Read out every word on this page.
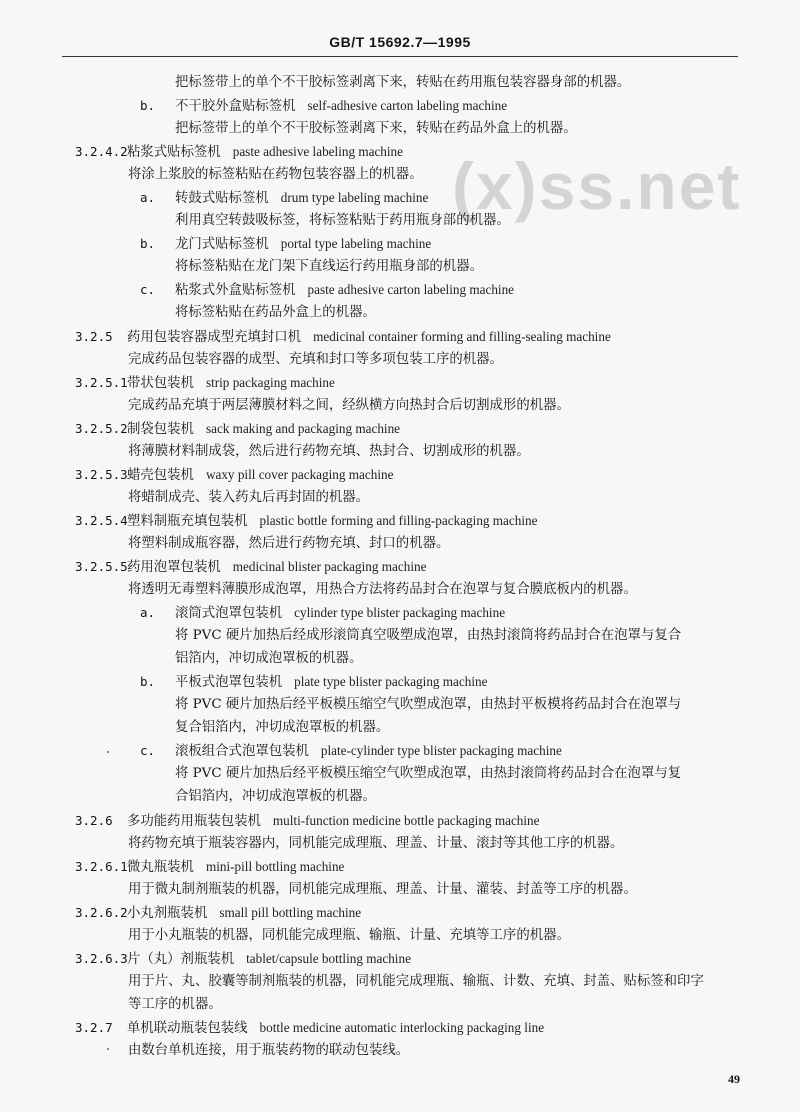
GB/T 15692.7—1995
(x)ss.net
把标签带上的单个不干胶标签剥离下来，转贴在药用瓶包装容器身部的机器。
b. 不干胶外盒贴标签机 self-adhesive carton labeling machine
把标签带上的单个不干胶标签剥离下来，转贴在药品外盒上的机器。
3.2.4.2粘浆式贴标签机 paste adhesive labeling machine
将涂上浆胶的标签粘贴在药物包装容器上的机器。
a. 转鼓式贴标签机 drum type labeling machine
利用真空转鼓吸标签，将标签粘贴于药用瓶身部的机器。
b. 龙门式贴标签机 portal type labeling machine
将标签粘贴在龙门架下直线运行药用瓶身部的机器。
c. 粘浆式外盒贴标签机 paste adhesive carton labeling machine
将标签粘贴在药品外盒上的机器。
3.2.5 药用包装容器成型充填封口机 medicinal container forming and filling-sealing machine
完成药品包装容器的成型、充填和封口等多项包装工序的机器。
3.2.5.1带状包装机 strip packaging machine
完成药品充填于两层薄膜材料之间，经纵横方向热封合后切割成形的机器。
3.2.5.2制袋包装机 sack making and packaging machine
将薄膜材料制成袋，然后进行药物充填、热封合、切割成形的机器。
3.2.5.3蜡壳包装机 waxy pill cover packaging machine
将蜡制成壳、装入药丸后再封固的机器。
3.2.5.4塑料制瓶充填包装机 plastic bottle forming and filling-packaging machine
将塑料制成瓶容器，然后进行药物充填、封口的机器。
3.2.5.5药用泡罩包装机 medicinal blister packaging machine
将透明无毒塑料薄膜形成泡罩，用热合方法将药品封合在泡罩与复合膜底板内的机器。
a. 滚筒式泡罩包装机 cylinder type blister packaging machine
将 PVC 硬片加热后经成形滚筒真空吸塑成泡罩，由热封滚筒将药品封合在泡罩与复合
铝箔内，冲切成泡罩板的机器。
b. 平板式泡罩包装机 plate type blister packaging machine
将 PVC 硬片加热后经平板模压缩空气吹塑成泡罩，由热封平板模将药品封合在泡罩与
复合铝箔内，冲切成泡罩板的机器。
c. 滚板组合式泡罩包装机 plate-cylinder type blister packaging machine
将 PVC 硬片加热后经平板模压缩空气吹塑成泡罩，由热封滚筒将药品封合在泡罩与复
合铝箔内，冲切成泡罩板的机器。
3.2.6 多功能药用瓶装包装机 multi-function medicine bottle packaging machine
将药物充填于瓶装容器内，同机能完成理瓶、理盖、计量、滚封等其他工序的机器。
3.2.6.1微丸瓶装机 mini-pill bottling machine
用于微丸制剂瓶装的机器，同机能完成理瓶、理盖、计量、灌装、封盖等工序的机器。
3.2.6.2小丸剂瓶装机 small pill bottling machine
用于小丸瓶装的机器，同机能完成理瓶、输瓶、计量、充填等工序的机器。
3.2.6.3片（丸）剂瓶装机 tablet/capsule bottling machine
用于片、丸、胶囊等制剂瓶装的机器，同机能完成理瓶、输瓶、计数、充填、封盖、贴标签和印字
等工序的机器。
3.2.7 单机联动瓶装包装线 bottle medicine automatic interlocking packaging line
由数台单机连接，用于瓶装药物的联动包装线。
49
